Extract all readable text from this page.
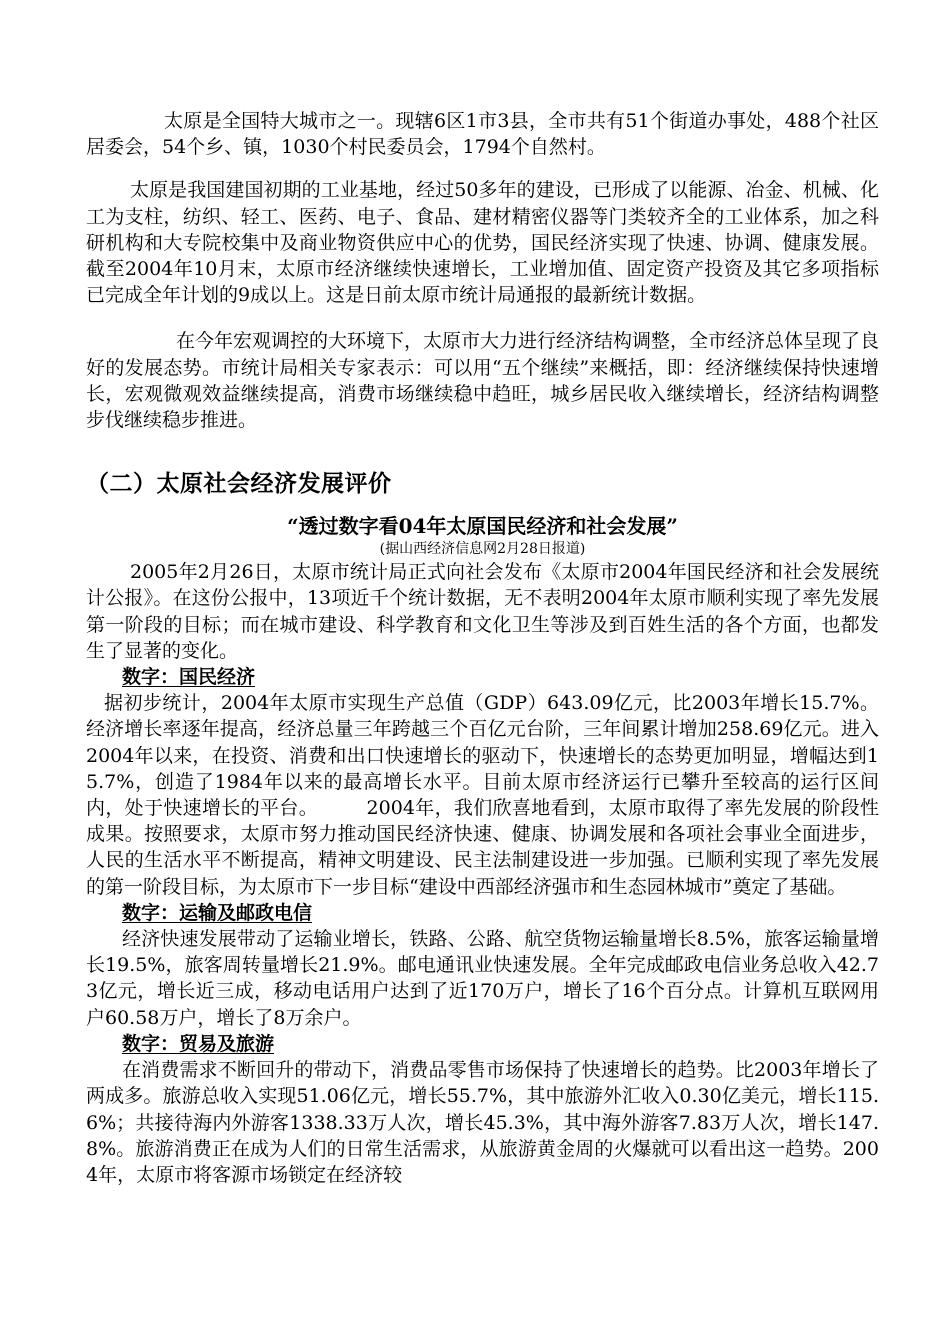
太原是全国特大城市之一。现辖6区1市3县，全市共有51个街道办事处，488个社区居委会，54个乡、镇，1030个村民委员会，1794个自然村。

太原是我国建国初期的工业基地，经过50多年的建设，已形成了以能源、冶金、机械、化工为支柱，纺织、轻工、医药、电子、食品、建材精密仪器等门类较齐全的工业体系，加之科研机构和大专院校集中及商业物资供应中心的优势，国民经济实现了快速、协调、健康发展。截至2004年10月末，太原市经济继续快速增长，工业增加值、固定资产投资及其它多项指标已完成全年计划的9成以上。这是日前太原市统计局通报的最新统计数据。

在今年宏观调控的大环境下，太原市大力进行经济结构调整，全市经济总体呈现了良好的发展态势。市统计局相关专家表示：可以用“五个继续”来概括，即：经济继续保持快速增长，宏观微观效益继续提高，消费市场继续稳中趋旺，城乡居民收入继续增长，经济结构调整步伐继续稳步推进。

（二）太原社会经济发展评价

“透过数字看04年太原国民经济和社会发展”

(据山西经济信息网2月28日报道)

2005年2月26日，太原市统计局正式向社会发布《太原市2004年国民经济和社会发展统计公报》。在这份公报中，13项近千个统计数据，无不表明2004年太原市顺利实现了率先发展第一阶段的目标；而在城市建设、科学教育和文化卫生等涉及到百姓生活的各个方面，也都发生了显著的变化。

数字：国民经济

据初步统计，2004年太原市实现生产总值（GDP）643.09亿元，比2003年增长15.7%。经济增长率逐年提高，经济总量三年跨越三个百亿元台阶，三年间累计增加258.69亿元。进入2004年以来，在投资、消费和出口快速增长的驱动下，快速增长的态势更加明显，增幅达到15.7%，创造了1984年以来的最高增长水平。目前太原市经济运行已攀升至较高的运行区间内，处于快速增长的平台。　　　2004年，我们欣喜地看到，太原市取得了率先发展的阶段性成果。按照要求，太原市努力推动国民经济快速、健康、协调发展和各项社会事业全面进步，人民的生活水平不断提高，精神文明建设、民主法制建设进一步加强。已顺利实现了率先发展的第一阶段目标，为太原市下一步目标“建设中西部经济强市和生态园林城市”奠定了基础。

数字：运输及邮政电信

经济快速发展带动了运输业增长，铁路、公路、航空货物运输量增长8.5%，旅客运输量增长19.5%，旅客周转量增长21.9%。邮电通讯业快速发展。全年完成邮政电信业务总收入42.73亿元，增长近三成，移动电话用户达到了近170万户，增长了16个百分点。计算机互联网用户60.58万户，增长了8万余户。

数字：贸易及旅游

在消费需求不断回升的带动下，消费品零售市场保持了快速增长的趋势。比2003年增长了两成多。旅游总收入实现51.06亿元，增长55.7%，其中旅游外汇收入0.30亿美元，增长115.6%；共接待海内外游客1338.33万人次，增长45.3%，其中海外游客7.83万人次，增长147.8%。旅游消费正在成为人们的日常生活需求，从旅游黄金周的火爆就可以看出这一趋势。2004年，太原市将客源市场锁定在经济较
